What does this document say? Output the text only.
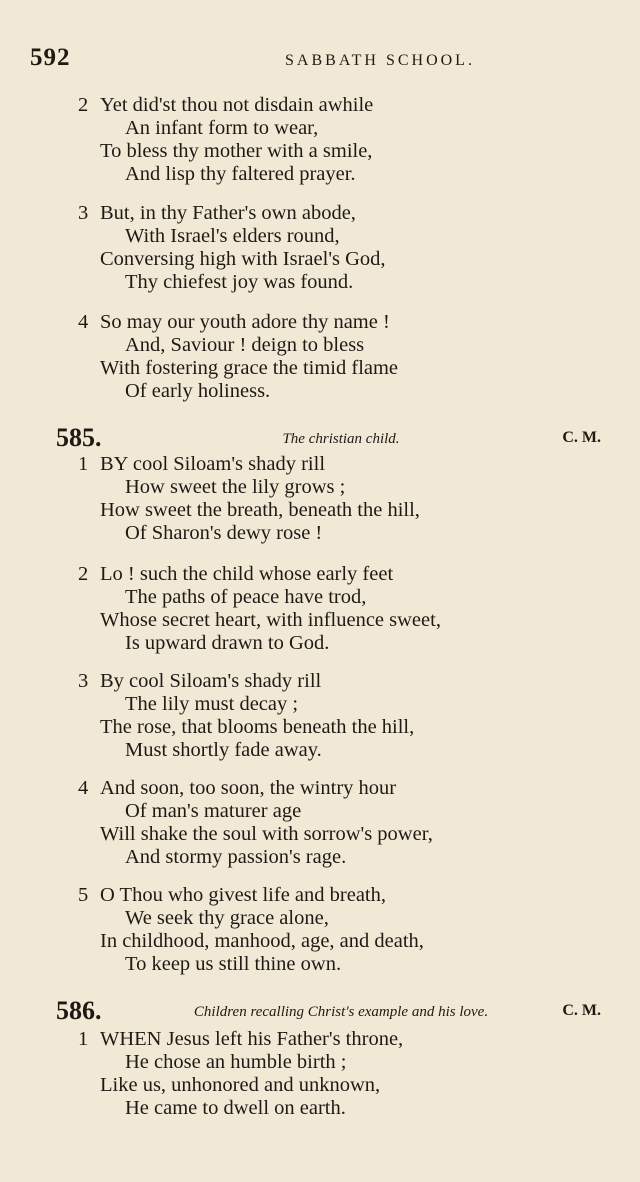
592	SABBATH SCHOOL.
2 Yet did'st thou not disdain awhile
An infant form to wear,
To bless thy mother with a smile,
And lisp thy faltered prayer.
3 But, in thy Father's own abode,
With Israel's elders round,
Conversing high with Israel's God,
Thy chiefest joy was found.
4 So may our youth adore thy name !
And, Saviour ! deign to bless
With fostering grace the timid flame
Of early holiness.
585.	The christian child.	C. M.
1 BY cool Siloam's shady rill
How sweet the lily grows ;
How sweet the breath, beneath the hill,
Of Sharon's dewy rose !
2 Lo ! such the child whose early feet
The paths of peace have trod,
Whose secret heart, with influence sweet,
Is upward drawn to God.
3 By cool Siloam's shady rill
The lily must decay ;
The rose, that blooms beneath the hill,
Must shortly fade away.
4 And soon, too soon, the wintry hour
Of man's maturer age
Will shake the soul with sorrow's power,
And stormy passion's rage.
5 O Thou who givest life and breath,
We seek thy grace alone,
In childhood, manhood, age, and death,
To keep us still thine own.
586.	Children recalling Christ's example and his love.	C. M.
1 WHEN Jesus left his Father's throne,
He chose an humble birth ;
Like us, unhonored and unknown,
He came to dwell on earth.
